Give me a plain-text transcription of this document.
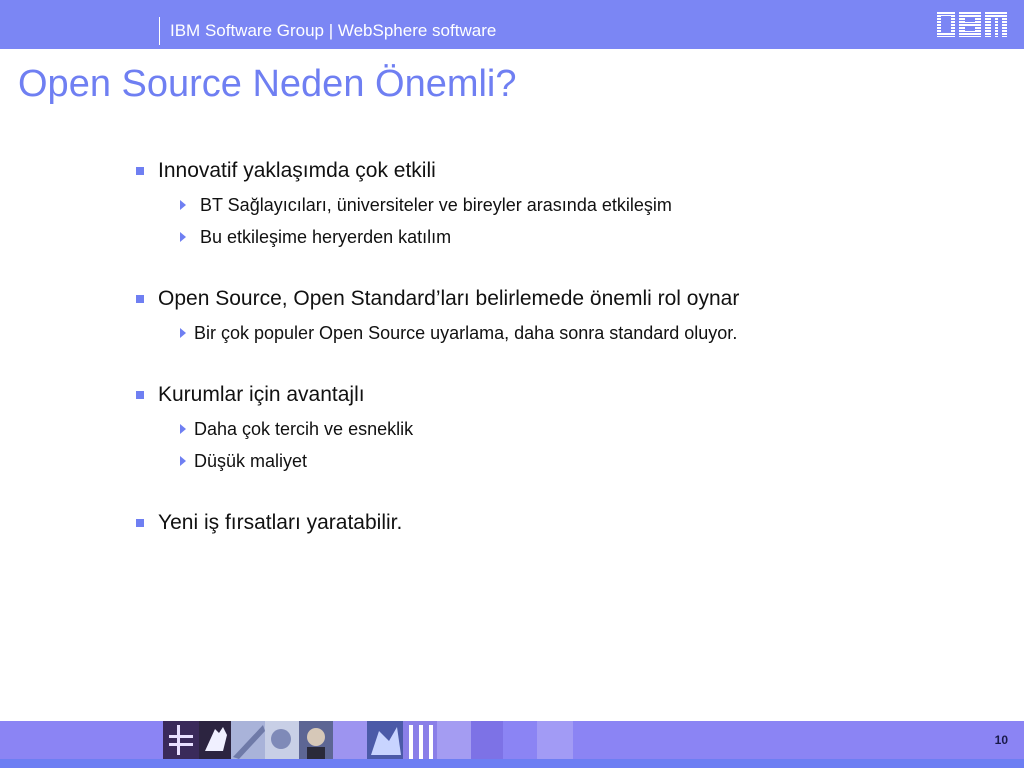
IBM Software Group | WebSphere software
Open Source Neden Önemli?
Innovatif yaklaşımda çok etkili
BT Sağlayıcıları, üniversiteler ve bireyler arasında etkileşim
Bu etkileşime heryerden katılım
Open Source, Open Standard’ları belirlemede önemli rol oynar
Bir çok populer Open Source uyarlama, daha sonra standard oluyor.
Kurumlar için avantajlı
Daha çok tercih ve esneklik
Düşük maliyet
Yeni iş fırsatları yaratabilir.
10
